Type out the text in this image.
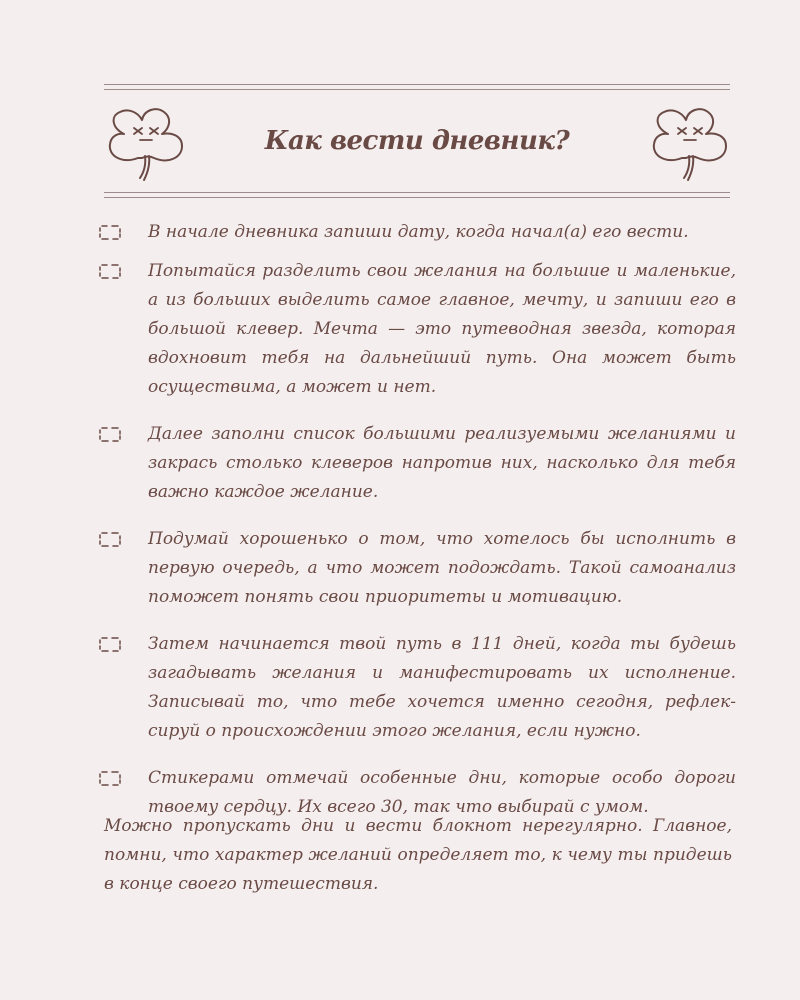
Как вести дневник?
В начале дневника запиши дату, когда начал(а) его вести.
Попытайся разделить свои желания на большие и маленькие, а из больших выделить самое главное, мечту, и запиши его в большой клевер. Мечта — это путеводная звезда, которая вдохновит тебя на дальнейший путь. Она может быть осуществима, а может и нет.
Далее заполни список большими реализуемыми желаниями и закрась столько клеверов напротив них, насколько для тебя важно каждое желание.
Подумай хорошенько о том, что хотелось бы исполнить в первую очередь, а что может подождать. Такой самоанализ поможет понять свои приоритеты и мотивацию.
Затем начинается твой путь в 111 дней, когда ты будешь загадывать желания и манифестировать их исполнение. Записывай то, что тебе хочется именно сегодня, рефлексируй о происхождении этого желания, если нужно.
Стикерами отмечай особенные дни, которые особо дороги твоему сердцу. Их всего 30, так что выбирай с умом.
Можно пропускать дни и вести блокнот нерегулярно. Главное, помни, что характер желаний определяет то, к чему ты придешь в конце своего путешествия.
